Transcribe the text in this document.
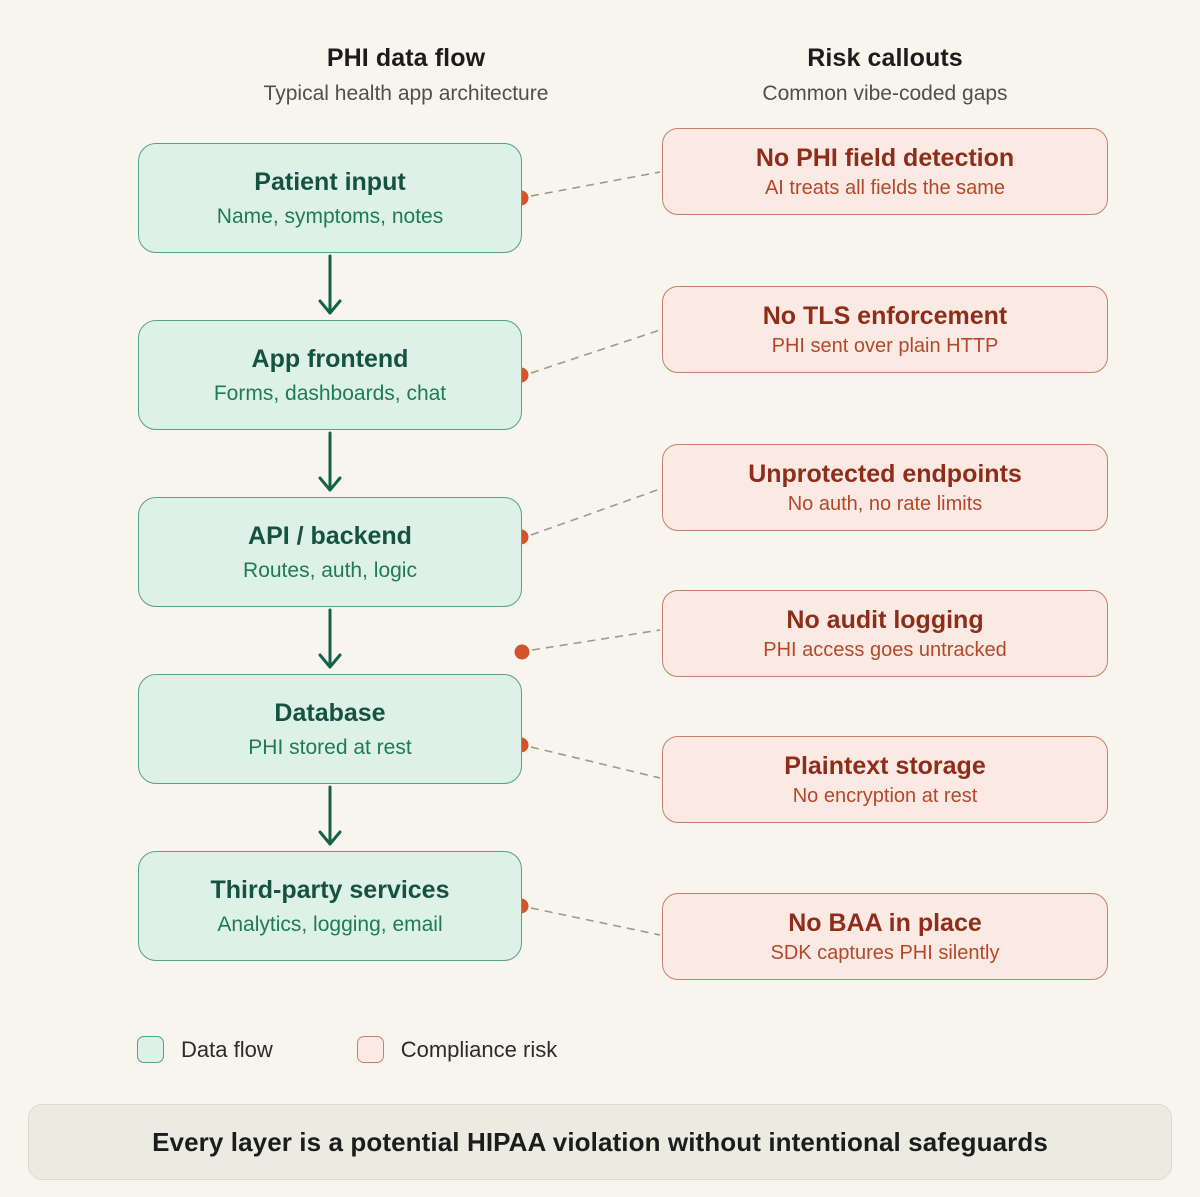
PHI data flow
Typical health app architecture
Risk callouts
Common vibe-coded gaps
Patient input
Name, symptoms, notes
App frontend
Forms, dashboards, chat
API / backend
Routes, auth, logic
Database
PHI stored at rest
Third-party services
Analytics, logging, email
No PHI field detection
AI treats all fields the same
No TLS enforcement
PHI sent over plain HTTP
Unprotected endpoints
No auth, no rate limits
No audit logging
PHI access goes untracked
Plaintext storage
No encryption at rest
No BAA in place
SDK captures PHI silently
Data flow	Compliance risk
Every layer is a potential HIPAA violation without intentional safeguards
